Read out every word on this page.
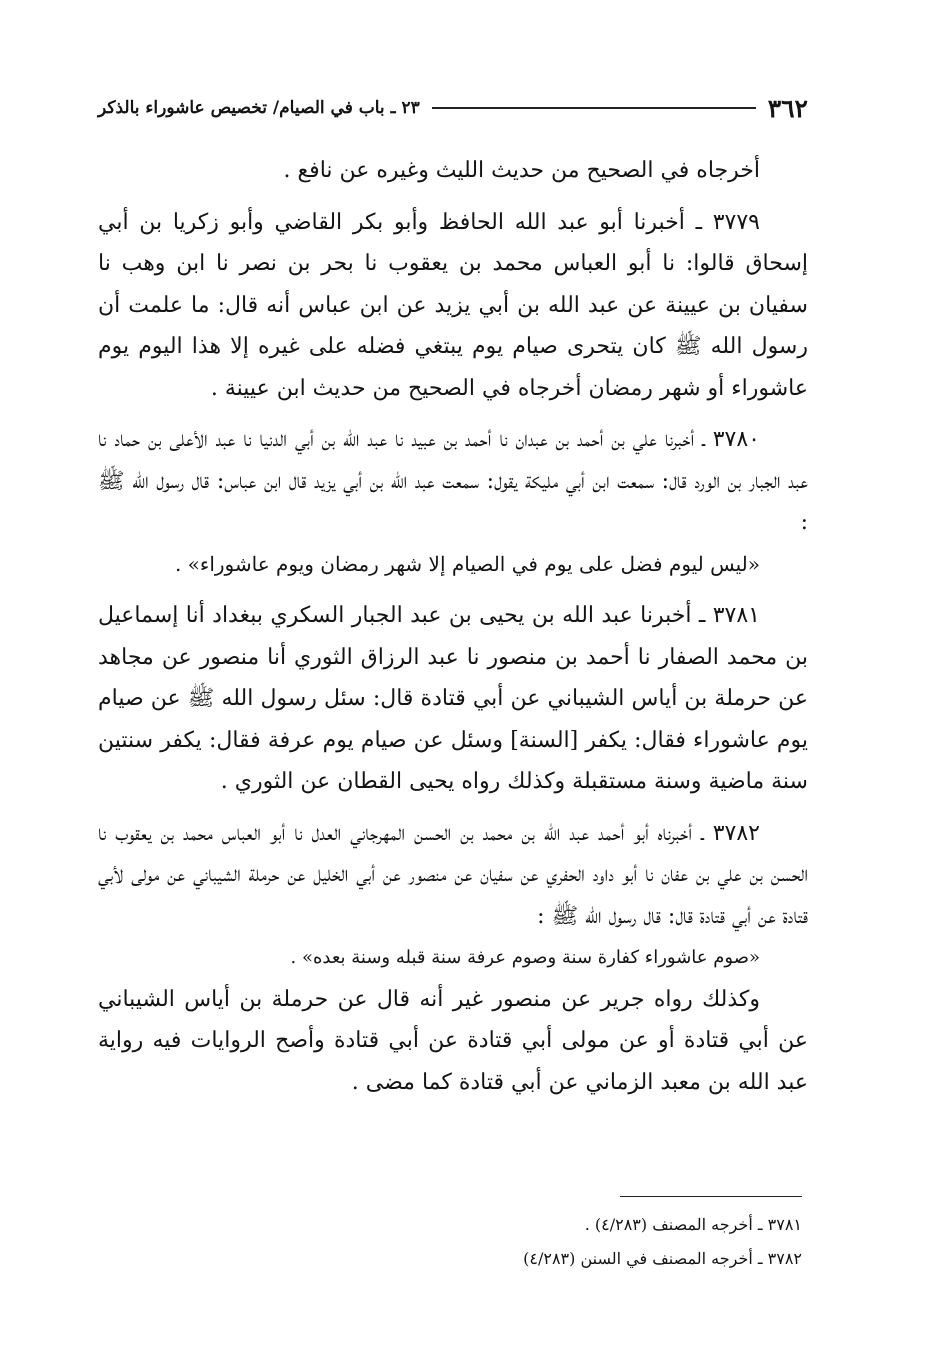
٣٦٢
٢٣ ـ باب في الصيام/ تخصيص عاشوراء بالذكر

أخرجاه في الصحيح من حديث الليث وغيره عن نافع .

٣٧٧٩ ـ أخبرنا أبو عبد الله الحافظ وأبو بكر القاضي وأبو زكريا بن أبي إسحاق قالوا: نا أبو العباس محمد بن يعقوب نا بحر بن نصر نا ابن وهب نا سفيان بن عيينة عن عبد الله بن أبي يزيد عن ابن عباس أنه قال: ما علمت أن رسول الله ﷺ كان يتحرى صيام يوم يبتغي فضله على غيره إلا هذا اليوم يوم عاشوراء أو شهر رمضان أخرجاه في الصحيح من حديث ابن عيينة .

٣٧٨٠ ـ أخبرنا علي بن أحمد بن عبدان نا أحمد بن عبيد نا عبد الله بن أبي الدنيا نا عبد الأعلى بن حماد نا عبد الجبار بن الورد قال: سمعت ابن أبي مليكة يقول: سمعت عبد الله بن أبي يزيد قال ابن عباس: قال رسول الله ﷺ :

«ليس ليوم فضل على يوم في الصيام إلا شهر رمضان ويوم عاشوراء» .

٣٧٨١ ـ أخبرنا عبد الله بن يحيى بن عبد الجبار السكري ببغداد أنا إسماعيل بن محمد الصفار نا أحمد بن منصور نا عبد الرزاق الثوري أنا منصور عن مجاهد عن حرملة بن أياس الشيباني عن أبي قتادة قال: سئل رسول الله ﷺ عن صيام يوم عاشوراء فقال: يكفر [السنة] وسئل عن صيام يوم عرفة فقال: يكفر سنتين سنة ماضية وسنة مستقبلة وكذلك رواه يحيى القطان عن الثوري .

٣٧٨٢ ـ أخبرناه أبو أحمد عبد الله بن محمد بن الحسن المهرجاني العدل نا أبو العباس محمد بن يعقوب نا الحسن بن علي بن عفان نا أبو داود الحفري عن سفيان عن منصور عن أبي الخليل عن حرملة الشيباني عن مولى لأبي قتادة عن أبي قتادة قال: قال رسول الله ﷺ :

«صوم عاشوراء كفارة سنة وصوم عرفة سنة قبله وسنة بعده» .

وكذلك رواه جرير عن منصور غير أنه قال عن حرملة بن أياس الشيباني عن أبي قتادة أو عن مولى أبي قتادة عن أبي قتادة وأصح الروايات فيه رواية عبد الله بن معبد الزماني عن أبي قتادة كما مضى .

٣٧٨١ ـ أخرجه المصنف (٤/٢٨٣) .

٣٧٨٢ ـ أخرجه المصنف في السنن (٤/٢٨٣)
